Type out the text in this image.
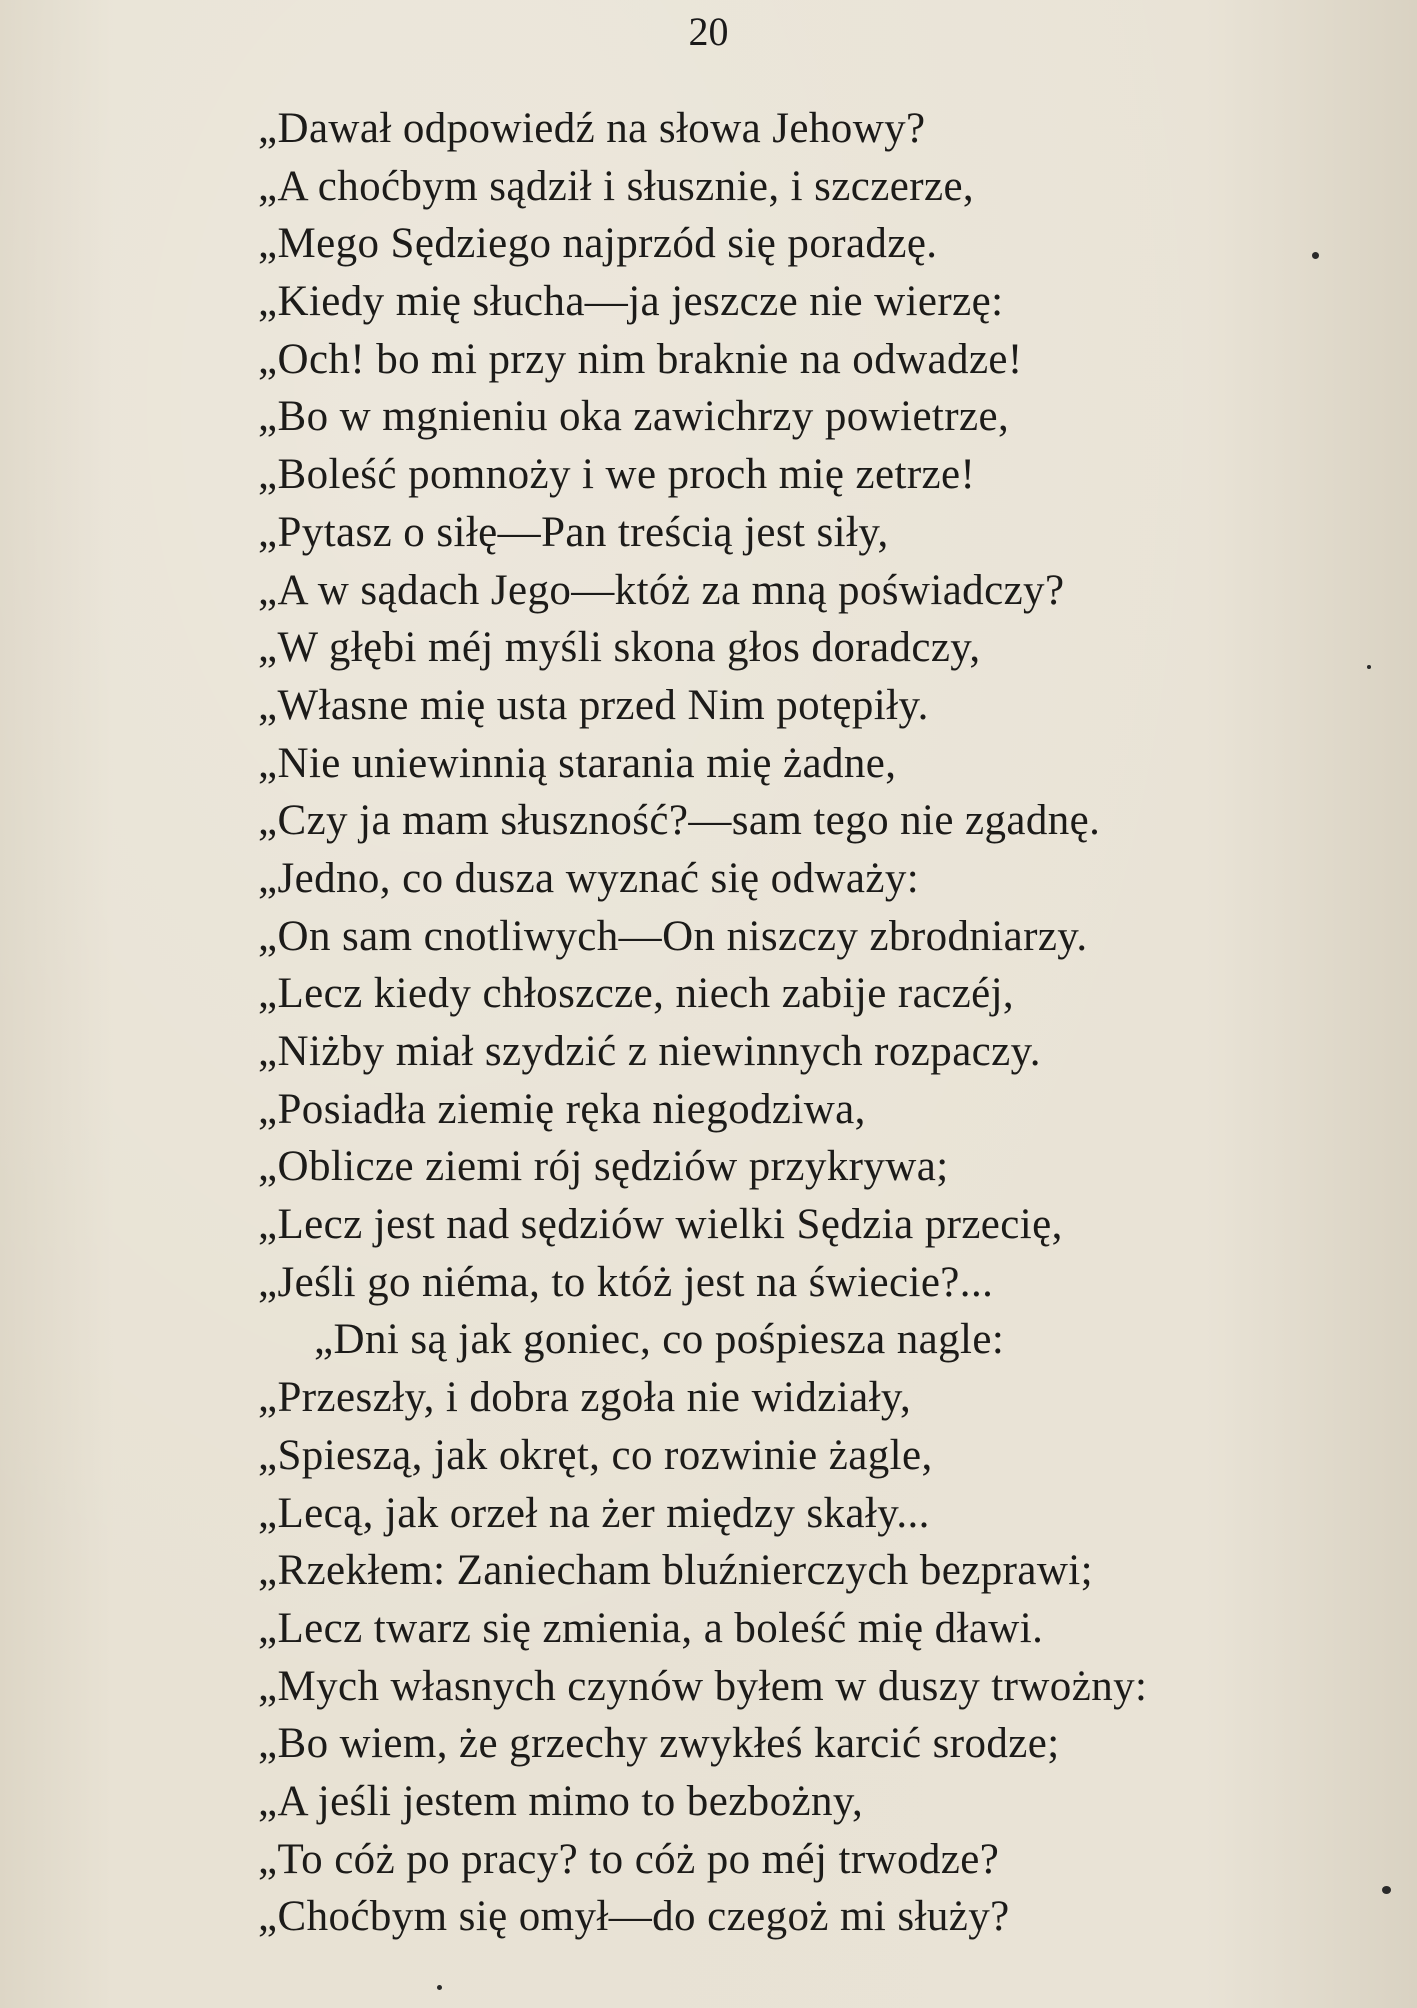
20
„Dawał odpowiedź na słowa Jehowy?
„A choćbym sądził i słusznie, i szczerze,
„Mego Sędziego najprzód się poradzę.
„Kiedy mię słucha—ja jeszcze nie wierzę:
„Och! bo mi przy nim braknie na odwadze!
„Bo w mgnieniu oka zawichrzy powietrze,
„Boleść pomnoży i we proch mię zetrze!
„Pytasz o siłę—Pan treścią jest siły,
„A w sądach Jego—któż za mną poświadczy?
„W głębi méj myśli skona głos doradczy,
„Własne mię usta przed Nim potępiły.
„Nie uniewinnią starania mię żadne,
„Czy ja mam słuszność?—sam tego nie zgadnę.
„Jedno, co dusza wyznać się odważy:
„On sam cnotliwych—On niszczy zbrodniarzy.
„Lecz kiedy chłoszcze, niech zabije raczéj,
„Niżby miał szydzić z niewinnych rozpaczy.
„Posiadła ziemię ręka niegodziwa,
„Oblicze ziemi rój sędziów przykrywa;
„Lecz jest nad sędziów wielki Sędzia przecię,
„Jeśli go niéma, to któż jest na świecie?...
„Dni są jak goniec, co pośpiesza nagle:
„Przeszły, i dobra zgoła nie widziały,
„Spieszą, jak okręt, co rozwinie żagle,
„Lecą, jak orzeł na żer między skały...
„Rzekłem: Zaniecham bluźnierczych bezprawi;
„Lecz twarz się zmienia, a boleść mię dławi.
„Mych własnych czynów byłem w duszy trwożny:
„Bo wiem, że grzechy zwykłeś karcić srodze;
„A jeśli jestem mimo to bezbożny,
„To cóż po pracy? to cóż po méj trwodze?
„Choćbym się omył—do czegoż mi służy?
